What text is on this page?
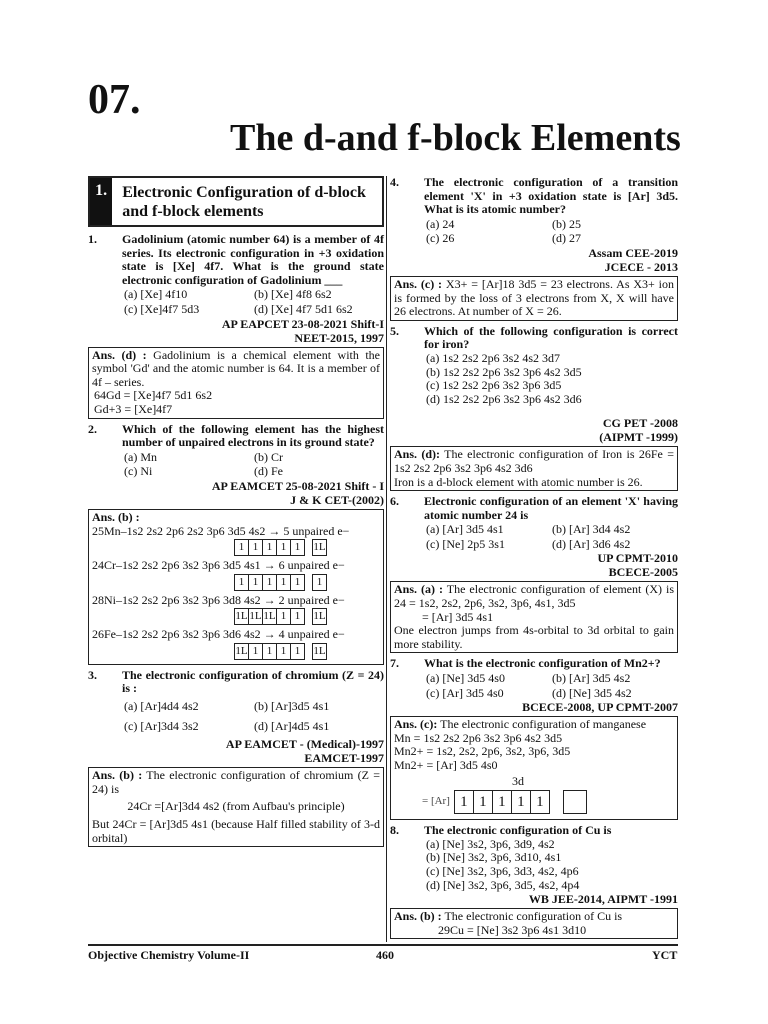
07.
The d-and f-block Elements
1. Electronic Configuration of d-block and f-block elements
1.	Gadolinium (atomic number 64) is a member of 4f series. Its electronic configuration in +3 oxidation state is [Xe] 4f7. What is the ground state electronic configuration of Gadolinium ___
(a) [Xe] 4f10	(b) [Xe] 4f8 6s2
(c) [Xe]4f7 5d3	(d) [Xe] 4f7 5d1 6s2
AP EAPCET 23-08-2021 Shift-I
NEET-2015, 1997
Ans. (d) : Gadolinium is a chemical element with the symbol 'Gd' and the atomic number is 64. It is a member of 4f – series.
64Gd = [Xe]4f7 5d1 6s2
Gd+3 = [Xe]4f7
2.	Which of the following element has the highest number of unpaired electrons in its ground state?
(a) Mn	(b) Cr
(c) Ni	(d) Fe
AP EAMCET 25-08-2021 Shift - I
J & K CET-(2002)
Ans. (b) :
25Mn–1s2 2s2 2p6 2s2 3p6 3d5 4s2 → 5 unpaired e−
1 1 1 1 1	1L
24Cr–1s2 2s2 2p6 3s2 3p6 3d5 4s1 → 6 unpaired e−
1 1 1 1 1	1
28Ni–1s2 2s2 2p6 3s2 3p6 3d8 4s2 → 2 unpaired e−
1L 1L 1L 1 1	1L
26Fe–1s2 2s2 2p6 3s2 3p6 3d6 4s2 → 4 unpaired e−
1L 1 1 1 1	1L
3.	The electronic configuration of chromium (Z = 24) is :
(a) [Ar]4d4 4s2	(b) [Ar]3d5 4s1
(c) [Ar]3d4 3s2	(d) [Ar]4d5 4s1
AP EAMCET - (Medical)-1997
EAMCET-1997
Ans. (b) : The electronic configuration of chromium (Z = 24) is
24Cr =[Ar]3d4 4s2 (from Aufbau's principle)
But 24Cr = [Ar]3d5 4s1 (because Half filled stability of 3-d orbital)
4.	The electronic configuration of a transition element 'X' in +3 oxidation state is [Ar] 3d5. What is its atomic number?
(a) 24	(b) 25
(c) 26	(d) 27
Assam CEE-2019
JCECE - 2013
Ans. (c) : X3+ = [Ar]18 3d5 = 23 electrons. As X3+ ion is formed by the loss of 3 electrons from X, X will have 26 electrons. At number of X = 26.
5.	Which of the following configuration is correct for iron?
(a) 1s2 2s2 2p6 3s2 4s2 3d7
(b) 1s2 2s2 2p6 3s2 3p6 4s2 3d5
(c) 1s2 2s2 2p6 3s2 3p6 3d5
(d) 1s2 2s2 2p6 3s2 3p6 4s2 3d6
CG PET -2008
(AIPMT -1999)
Ans. (d): The electronic configuration of Iron is 26Fe = 1s2 2s2 2p6 3s2 3p6 4s2 3d6
Iron is a d-block element with atomic number is 26.
6.	Electronic configuration of an element 'X' having atomic number 24 is
(a) [Ar] 3d5 4s1	(b) [Ar] 3d4 4s2
(c) [Ne] 2p5 3s1	(d) [Ar] 3d6 4s2
UP CPMT-2010
BCECE-2005
Ans. (a) : The electronic configuration of element (X) is 24 = 1s2, 2s2, 2p6, 3s2, 3p6, 4s1, 3d5
= [Ar] 3d5 4s1
One electron jumps from 4s-orbital to 3d orbital to gain more stability.
7.	What is the electronic configuration of Mn2+?
(a) [Ne] 3d5 4s0	(b) [Ar] 3d5 4s2
(c) [Ar] 3d5 4s0	(d) [Ne] 3d5 4s2
BCECE-2008, UP CPMT-2007
Ans. (c): The electronic configuration of manganese
Mn = 1s2 2s2 2p6 3s2 3p6 4s2 3d5
Mn2+ = 1s2, 2s2, 2p6, 3s2, 3p6, 3d5
Mn2+ = [Ar] 3d5 4s0
3d
= [Ar] 1 1 1 1 1
8.	The electronic configuration of Cu is
(a) [Ne] 3s2, 3p6, 3d9, 4s2
(b) [Ne] 3s2, 3p6, 3d10, 4s1
(c) [Ne] 3s2, 3p6, 3d3, 4s2, 4p6
(d) [Ne] 3s2, 3p6, 3d5, 4s2, 4p4
WB JEE-2014, AIPMT -1991
Ans. (b) : The electronic configuration of Cu is
29Cu = [Ne] 3s2 3p6 4s1 3d10
Objective Chemistry Volume-II	460	YCT
